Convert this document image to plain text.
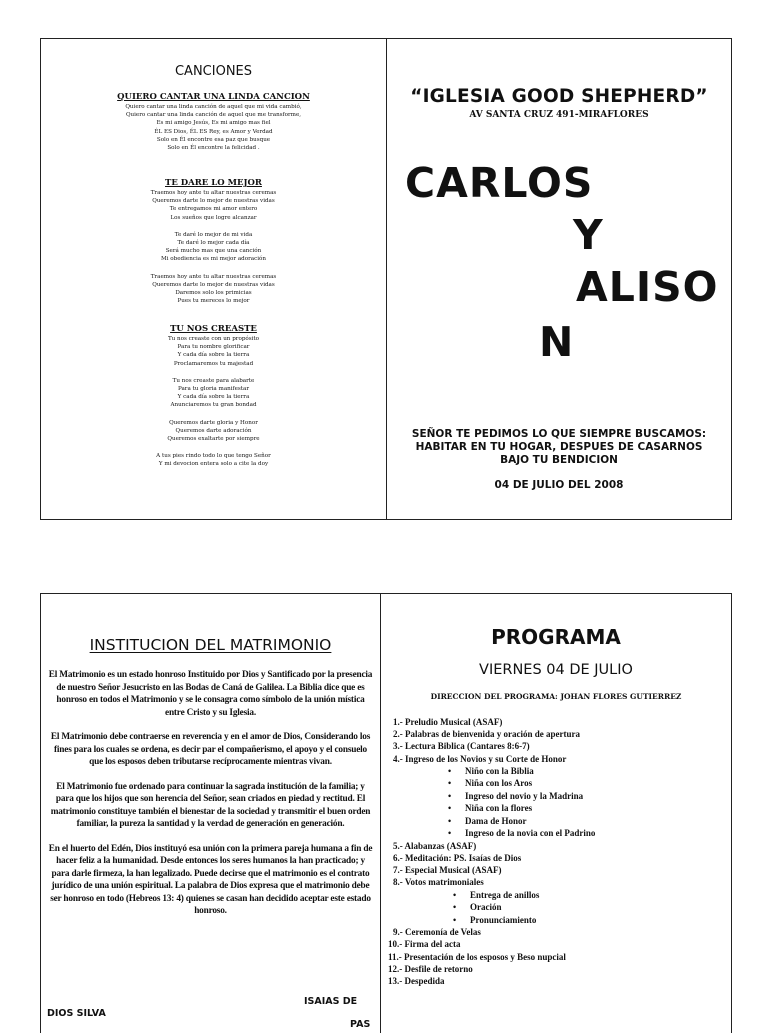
CANCIONES

QUIERO CANTAR UNA LINDA CANCION

Quiero cantar una linda canción de aquel que mi vida cambió,

Quiero cantar una linda canción de aquel que me transforme,

Es mi amigo Jesús, Es mi amigo mas fiel

ÉL ES Dios, ÉL ES Rey, es Amor y Verdad

Solo en Él encontre esa paz que busque

Solo en Él encontre la felicidad .

TE DARE LO MEJOR

Traemos hoy ante tu altar nuestras ceremas

Queremos darte lo mejor de nuestras vidas

Te entregamos mi amor entero

Los sueños que logre alcanzar

Te daré lo mejor de mi vida

Te daré lo mejor cada día

Será mucho mas que una canción

Mi obediencia es mi mejor adoración

Traemos hoy ante tu altar nuestras ceremas

Queremos darte lo mejor de nuestras vidas

Daremos solo los primicias

Pues tu mereces lo mejor

TU NOS CREASTE

Tu nos creaste con un propósito

Para tu nombre glorificar

Y cada día sobre la tierra

Proclamaremos tu majestad

Tu nos creaste para alabarte

Para tu gloria manifestar

Y cada día sobre la tierra

Anunciaremos tu gran bondad

Queremos darte gloria y Honor

Queremos darte adoración

Queremos exaltarte por siempre

A tus pies rindo todo lo que tengo Señor

Y mi devocion entera solo a cite la doy

“IGLESIA GOOD SHEPHERD”
AV SANTA CRUZ 491-MIRAFLORES
CARLOS
Y
ALISO
N
SEÑOR TE PEDIMOS LO QUE SIEMPRE BUSCAMOS:
HABITAR EN TU HOGAR, DESPUES DE CASARNOS
BAJO TU BENDICION
04 DE JULIO DEL 2008
INSTITUCION DEL MATRIMONIO

El Matrimonio es un estado honroso Instituido por Dios y Santificado por la presencia de nuestro Señor Jesucristo en las Bodas de Caná de Galilea. La Biblia dice que es honroso en todos el Matrimonio y se le consagra como símbolo de la unión mística entre Cristo y su Iglesia.

El Matrimonio debe contraerse en reverencia y en el amor de Dios, Considerando los fines para los cuales se ordena, es decir par el compañerismo, el apoyo y el consuelo que los esposos deben tributarse recíprocamente mientras vivan.

El Matrimonio fue ordenado para continuar la sagrada institución de la familia; y para que los hijos que son herencia del Señor, sean criados en piedad y rectitud. El matrimonio constituye también el bienestar de la sociedad y transmitir el buen orden familiar, la pureza la santidad y la verdad de generación en generación.

En el huerto del Edén, Dios instituyó esa unión con la primera pareja humana a fin de hacer feliz a la humanidad. Desde entonces los seres humanos la han practicado; y para darle firmeza, la han legalizado. Puede decirse que el matrimonio es el contrato jurídico de una unión espiritual. La palabra de Dios expresa que el matrimonio debe ser honroso en todo (Hebreos 13: 4) quienes se casan han decidido aceptar este estado honroso.

ISAIAS DE
DIOS SILVA
PAS
PROGRAMA
VIERNES 04 DE JULIO
DIRECCION DEL PROGRAMA: JOHAN FLORES GUTIERREZ

1.- Preludio Musical (ASAF)

2.- Palabras de bienvenida y oración de apertura

3.- Lectura Biblica (Cantares 8:6-7)

4.- Ingreso de los Novios y su Corte de Honor

• Niño con la Biblia

• Niña con los Aros

• Ingreso del novio y la Madrina

• Niña con la flores

• Dama de Honor

• Ingreso de la novia con el Padrino

5.- Alabanzas (ASAF)

6.- Meditación: PS. Isaías de Dios

7.- Especial Musical (ASAF)

8.- Votos matrimoniales

• Entrega de anillos

• Oración

• Pronunciamiento

9.- Ceremonía de Velas

10.- Firma del acta

11.- Presentación de los esposos y Beso nupcial

12.- Desfile de retorno

13.- Despedida
